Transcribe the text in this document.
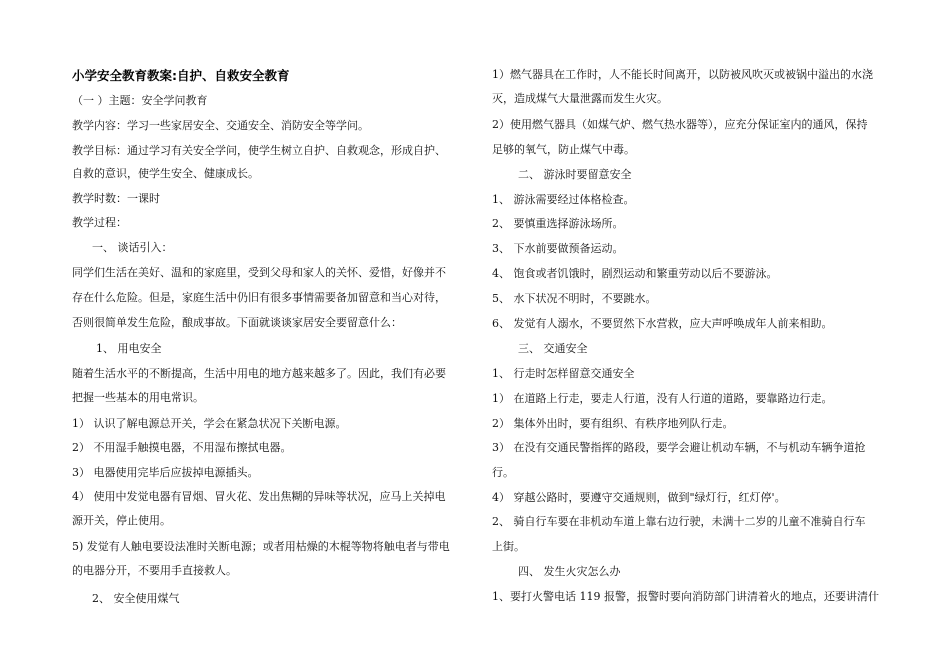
小学安全教育教案:自护、自救安全教育
（一 ）主题：安全学问教育
教学内容：学习一些家居安全、交通安全、消防安全等学问。
教学目标：通过学习有关安全学问，使学生树立自护、自救观念，形成自护、
自救的意识，使学生安全、健康成长。
教学时数：一课时
教学过程：
一、 谈话引入：
同学们生活在美好、温和的家庭里，受到父母和家人的关怀、爱惜，好像并不
存在什么危险。但是，家庭生活中仍旧有很多事情需要备加留意和当心对待，
否则很简单发生危险，酿成事故。下面就谈谈家居安全要留意什么：
1、 用电安全
随着生活水平的不断提高，生活中用电的地方越来越多了。因此，我们有必要
把握一些基本的用电常识。
1） 认识了解电源总开关，学会在紧急状况下关断电源。
2） 不用湿手触摸电器，不用湿布擦拭电器。
3） 电器使用完毕后应拔掉电源插头。
4） 使用中发觉电器有冒烟、冒火花、发出焦糊的异味等状况，应马上关掉电
源开关，停止使用。
5) 发觉有人触电要设法准时关断电源；或者用枯燥的木棍等物将触电者与带电
的电器分开，不要用手直接救人。
2、 安全使用煤气
1）燃气器具在工作时，人不能长时间离开，以防被风吹灭或被锅中溢出的水浇
灭，造成煤气大量泄露而发生火灾。
2）使用燃气器具（如煤气炉、燃气热水器等），应充分保证室内的通风，保持
足够的氧气，防止煤气中毒。
二、 游泳时要留意安全
1、 游泳需要经过体格检查。
2、 要慎重选择游泳场所。
3、 下水前要做预备运动。
4、 饱食或者饥饿时，剧烈运动和繁重劳动以后不要游泳。
5、 水下状况不明时，不要跳水。
6、 发觉有人溺水，不要贸然下水营救，应大声呼唤成年人前来相助。
三、 交通安全
1、 行走时怎样留意交通安全
1） 在道路上行走，要走人行道，没有人行道的道路，要靠路边行走。
2） 集体外出时，要有组织、有秩序地列队行走。
3） 在没有交通民警指挥的路段，要学会避让机动车辆，不与机动车辆争道抢
行。
4） 穿越公路时，要遵守交通规则，做到"绿灯行，红灯停'。
2、 骑自行车要在非机动车道上靠右边行驶，未满十二岁的儿童不准骑自行车
上街。
四、 发生火灾怎么办
1、要打火警电话 119 报警，报警时要向消防部门讲清着火的地点，还要讲清什
